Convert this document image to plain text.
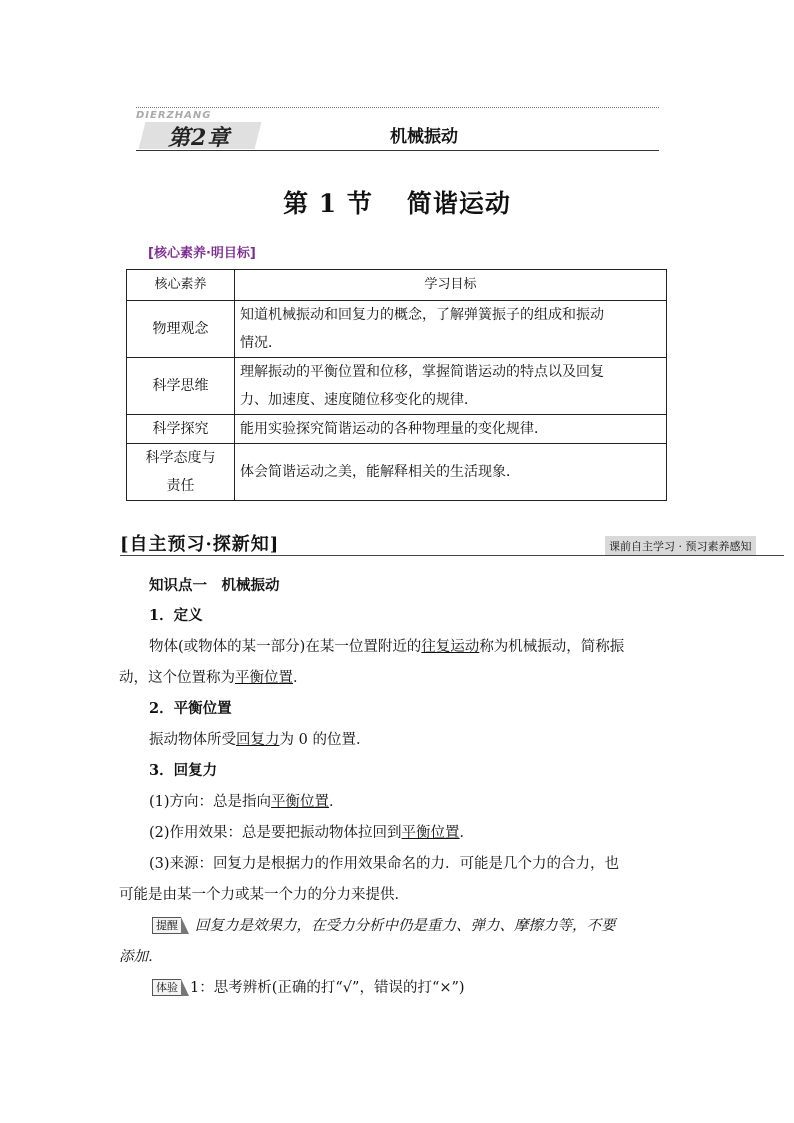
DIERZHANG
第2章	机械振动
第 1 节 简谐运动
[核心素养·明目标]
核心素养	学习目标
物理观念	知道机械振动和回复力的概念，了解弹簧振子的组成和振动
情况．
科学思维	理解振动的平衡位置和位移，掌握简谐运动的特点以及回复
力、加速度、速度随位移变化的规律．
科学探究	能用实验探究简谐运动的各种物理量的变化规律．
科学态度与
责任	体会简谐运动之美，能解释相关的生活现象．
[自主预习·探新知]	课前自主学习 · 预习素养感知
知识点一　机械振动
1．定义
物体(或物体的某一部分)在某一位置附近的往复运动称为机械振动，简称振
动，这个位置称为平衡位置．
2．平衡位置
振动物体所受回复力为 0 的位置．
3．回复力
(1)方向：总是指向平衡位置．
(2)作用效果：总是要把振动物体拉回到平衡位置．
(3)来源：回复力是根据力的作用效果命名的力．可能是几个力的合力，也
可能是由某一个力或某一个力的分力来提供．
提醒 回复力是效果力，在受力分析中仍是重力、弹力、摩擦力等，不要
添加．
体验 1：思考辨析(正确的打“√”，错误的打“×”)
